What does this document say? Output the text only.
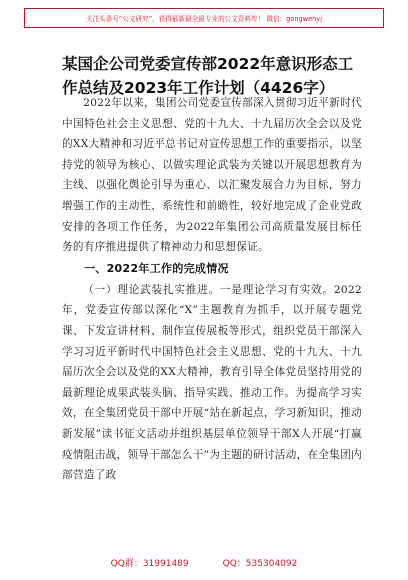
关注头条号“公文研究”，获得最新最全最专业的公文资料库！ 微信：gongwenyj
某国企公司党委宣传部2022年意识形态工作总结及2023年工作计划（4426字）

2022年以来，集团公司党委宣传部深入贯彻习近平新时代中国特色社会主义思想、党的十九大、十九届历次全会以及党的XX大精神和习近平总书记对宣传思想工作的重要指示，以坚持党的领导为核心、以做实理论武装为关键以开展思想教育为主线、以强化舆论引导为重心、以汇聚发展合力为目标，努力增强工作的主动性、系统性和前瞻性，较好地完成了企业党政安排的各项工作任务，为2022年集团公司高质量发展目标任务的有序推进提供了精神动力和思想保证。

一、2022年工作的完成情况

（一）理论武装扎实推进。一是理论学习有实效。2022年，党委宣传部以深化“X”主题教育为抓手，以开展专题党课、下发宣讲材料、制作宣传展板等形式，组织党员干部深入学习习近平新时代中国特色社会主义思想、党的十九大、十九届历次全会以及党的XX大精神，教育引导全体党员坚持用党的最新理论成果武装头脑、指导实践、推动工作。为提高学习实效，在全集团党员干部中开展“站在新起点，学习新知识，推动新发展”读书征文活动并组织基层单位领导干部X人开展“打赢疫情阻击战，领导干部怎么干”为主题的研讨活动，在全集团内部营造了政

QQ群：31991489	QQ：535304092
